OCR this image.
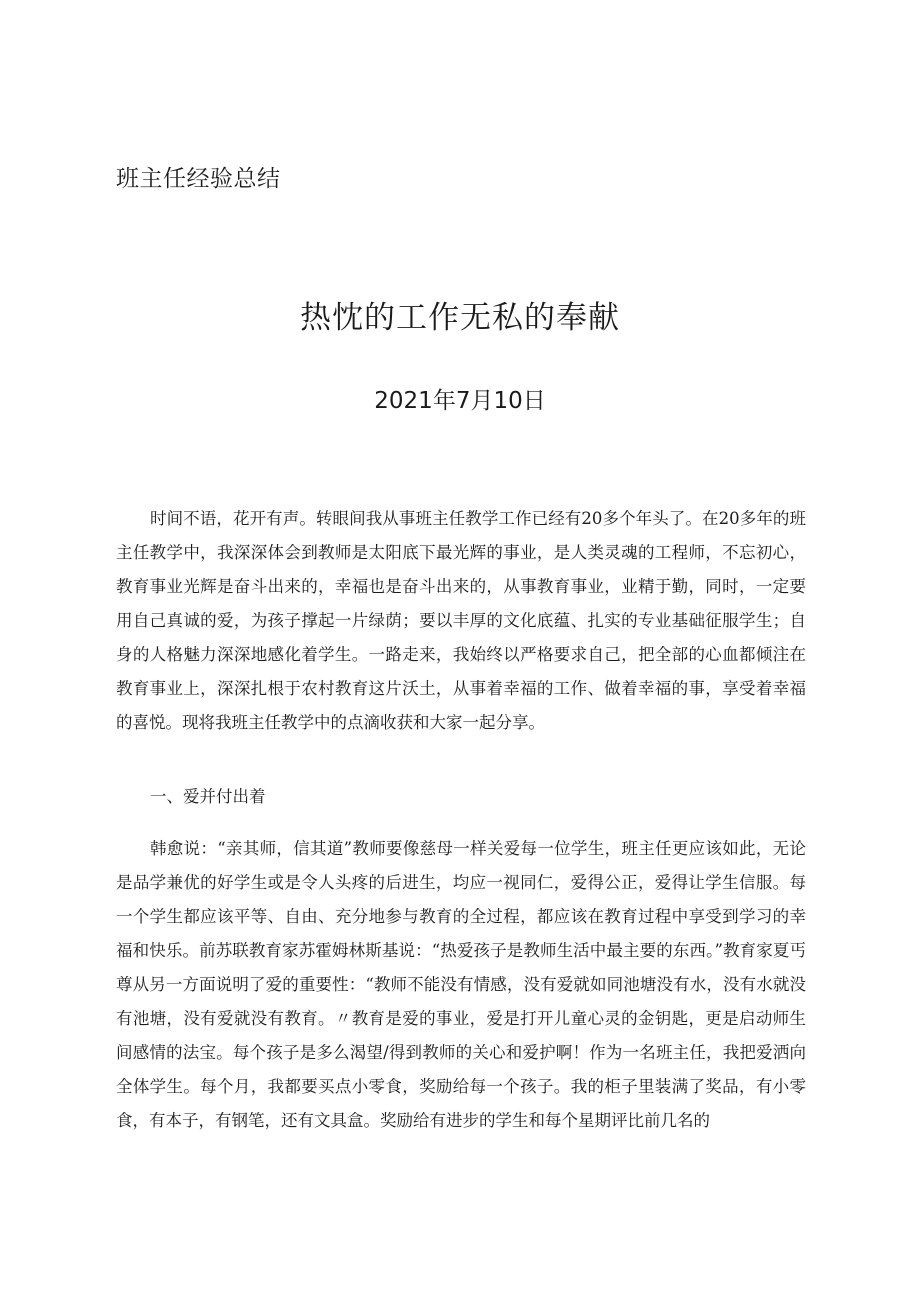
班主任经验总结
热忱的工作无私的奉献
2021年7月10日

时间不语，花开有声。转眼间我从事班主任教学工作已经有20多个年头了。在20多年的班主任教学中，我深深体会到教师是太阳底下最光辉的事业，是人类灵魂的工程师，不忘初心，教育事业光辉是奋斗出来的，幸福也是奋斗出来的，从事教育事业，业精于勤，同时，一定要用自己真诚的爱，为孩子撑起一片绿荫；要以丰厚的文化底蕴、扎实的专业基础征服学生；自身的人格魅力深深地感化着学生。一路走来，我始终以严格要求自己，把全部的心血都倾注在教育事业上，深深扎根于农村教育这片沃土，从事着幸福的工作、做着幸福的事，享受着幸福的喜悦。现将我班主任教学中的点滴收获和大家一起分享。

一、爱并付出着

韩愈说：“亲其师，信其道”教师要像慈母一样关爱每一位学生，班主任更应该如此，无论是品学兼优的好学生或是令人头疼的后进生，均应一视同仁，爱得公正，爱得让学生信服。每一个学生都应该平等、自由、充分地参与教育的全过程，都应该在教育过程中享受到学习的幸福和快乐。前苏联教育家苏霍姆林斯基说：“热爱孩子是教师生活中最主要的东西。”教育家夏丐尊从另一方面说明了爱的重要性：“教师不能没有情感，没有爱就如同池塘没有水，没有水就没有池塘，没有爱就没有教育。〃教育是爱的事业，爱是打开儿童心灵的金钥匙，更是启动师生间感情的法宝。每个孩子是多么渴望/得到教师的关心和爱护啊！作为一名班主任，我把爱洒向全体学生。每个月，我都要买点小零食，奖励给每一个孩子。我的柜子里装满了奖品，有小零食，有本子，有钢笔，还有文具盒。奖励给有进步的学生和每个星期评比前几名的
